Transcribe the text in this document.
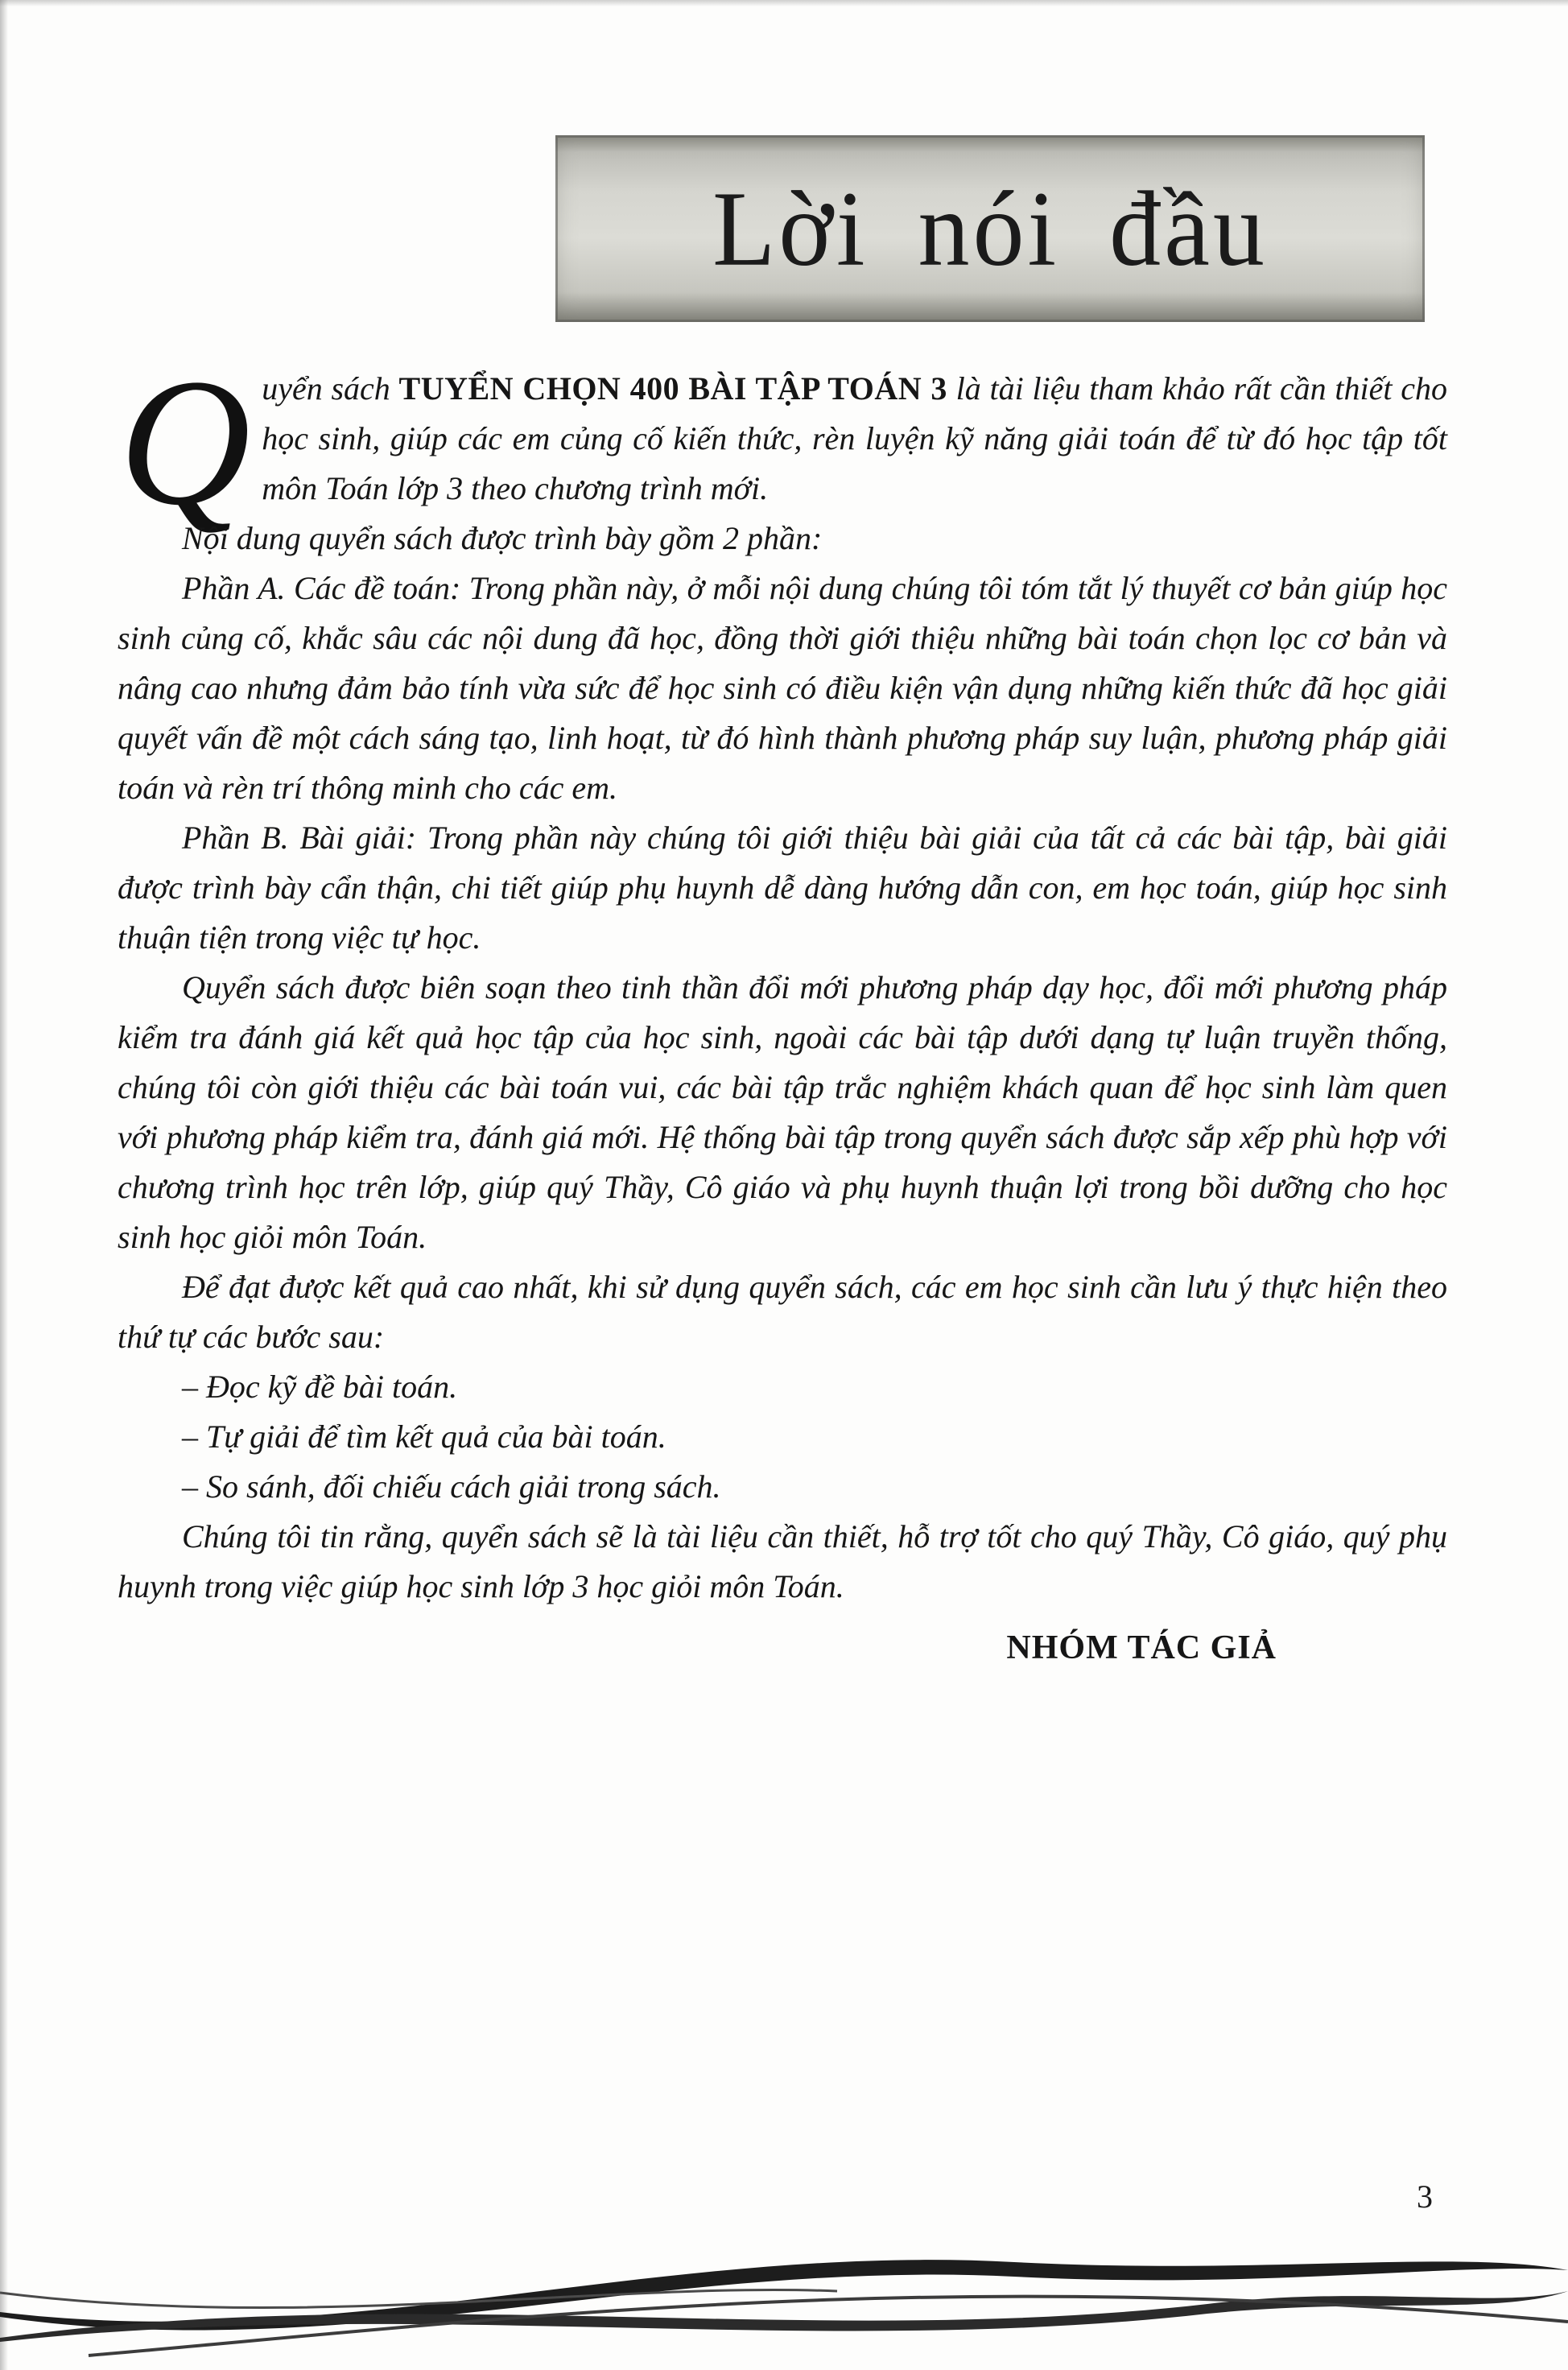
Lời nói đầu

Quyển sách TUYỂN CHỌN 400 BÀI TẬP TOÁN 3 là tài liệu tham khảo rất cần thiết cho học sinh, giúp các em củng cố kiến thức, rèn luyện kỹ năng giải toán để từ đó học tập tốt môn Toán lớp 3 theo chương trình mới.

Nội dung quyển sách được trình bày gồm 2 phần:

Phần A. Các đề toán: Trong phần này, ở mỗi nội dung chúng tôi tóm tắt lý thuyết cơ bản giúp học sinh củng cố, khắc sâu các nội dung đã học, đồng thời giới thiệu những bài toán chọn lọc cơ bản và nâng cao nhưng đảm bảo tính vừa sức để học sinh có điều kiện vận dụng những kiến thức đã học giải quyết vấn đề một cách sáng tạo, linh hoạt, từ đó hình thành phương pháp suy luận, phương pháp giải toán và rèn trí thông minh cho các em.

Phần B. Bài giải: Trong phần này chúng tôi giới thiệu bài giải của tất cả các bài tập, bài giải được trình bày cẩn thận, chi tiết giúp phụ huynh dễ dàng hướng dẫn con, em học toán, giúp học sinh thuận tiện trong việc tự học.

Quyển sách được biên soạn theo tinh thần đổi mới phương pháp dạy học, đổi mới phương pháp kiểm tra đánh giá kết quả học tập của học sinh, ngoài các bài tập dưới dạng tự luận truyền thống, chúng tôi còn giới thiệu các bài toán vui, các bài tập trắc nghiệm khách quan để học sinh làm quen với phương pháp kiểm tra, đánh giá mới. Hệ thống bài tập trong quyển sách được sắp xếp phù hợp với chương trình học trên lớp, giúp quý Thầy, Cô giáo và phụ huynh thuận lợi trong bồi dưỡng cho học sinh học giỏi môn Toán.

Để đạt được kết quả cao nhất, khi sử dụng quyển sách, các em học sinh cần lưu ý thực hiện theo thứ tự các bước sau:

– Đọc kỹ đề bài toán.

– Tự giải để tìm kết quả của bài toán.

– So sánh, đối chiếu cách giải trong sách.

Chúng tôi tin rằng, quyển sách sẽ là tài liệu cần thiết, hỗ trợ tốt cho quý Thầy, Cô giáo, quý phụ huynh trong việc giúp học sinh lớp 3 học giỏi môn Toán.

NHÓM TÁC GIẢ

3
